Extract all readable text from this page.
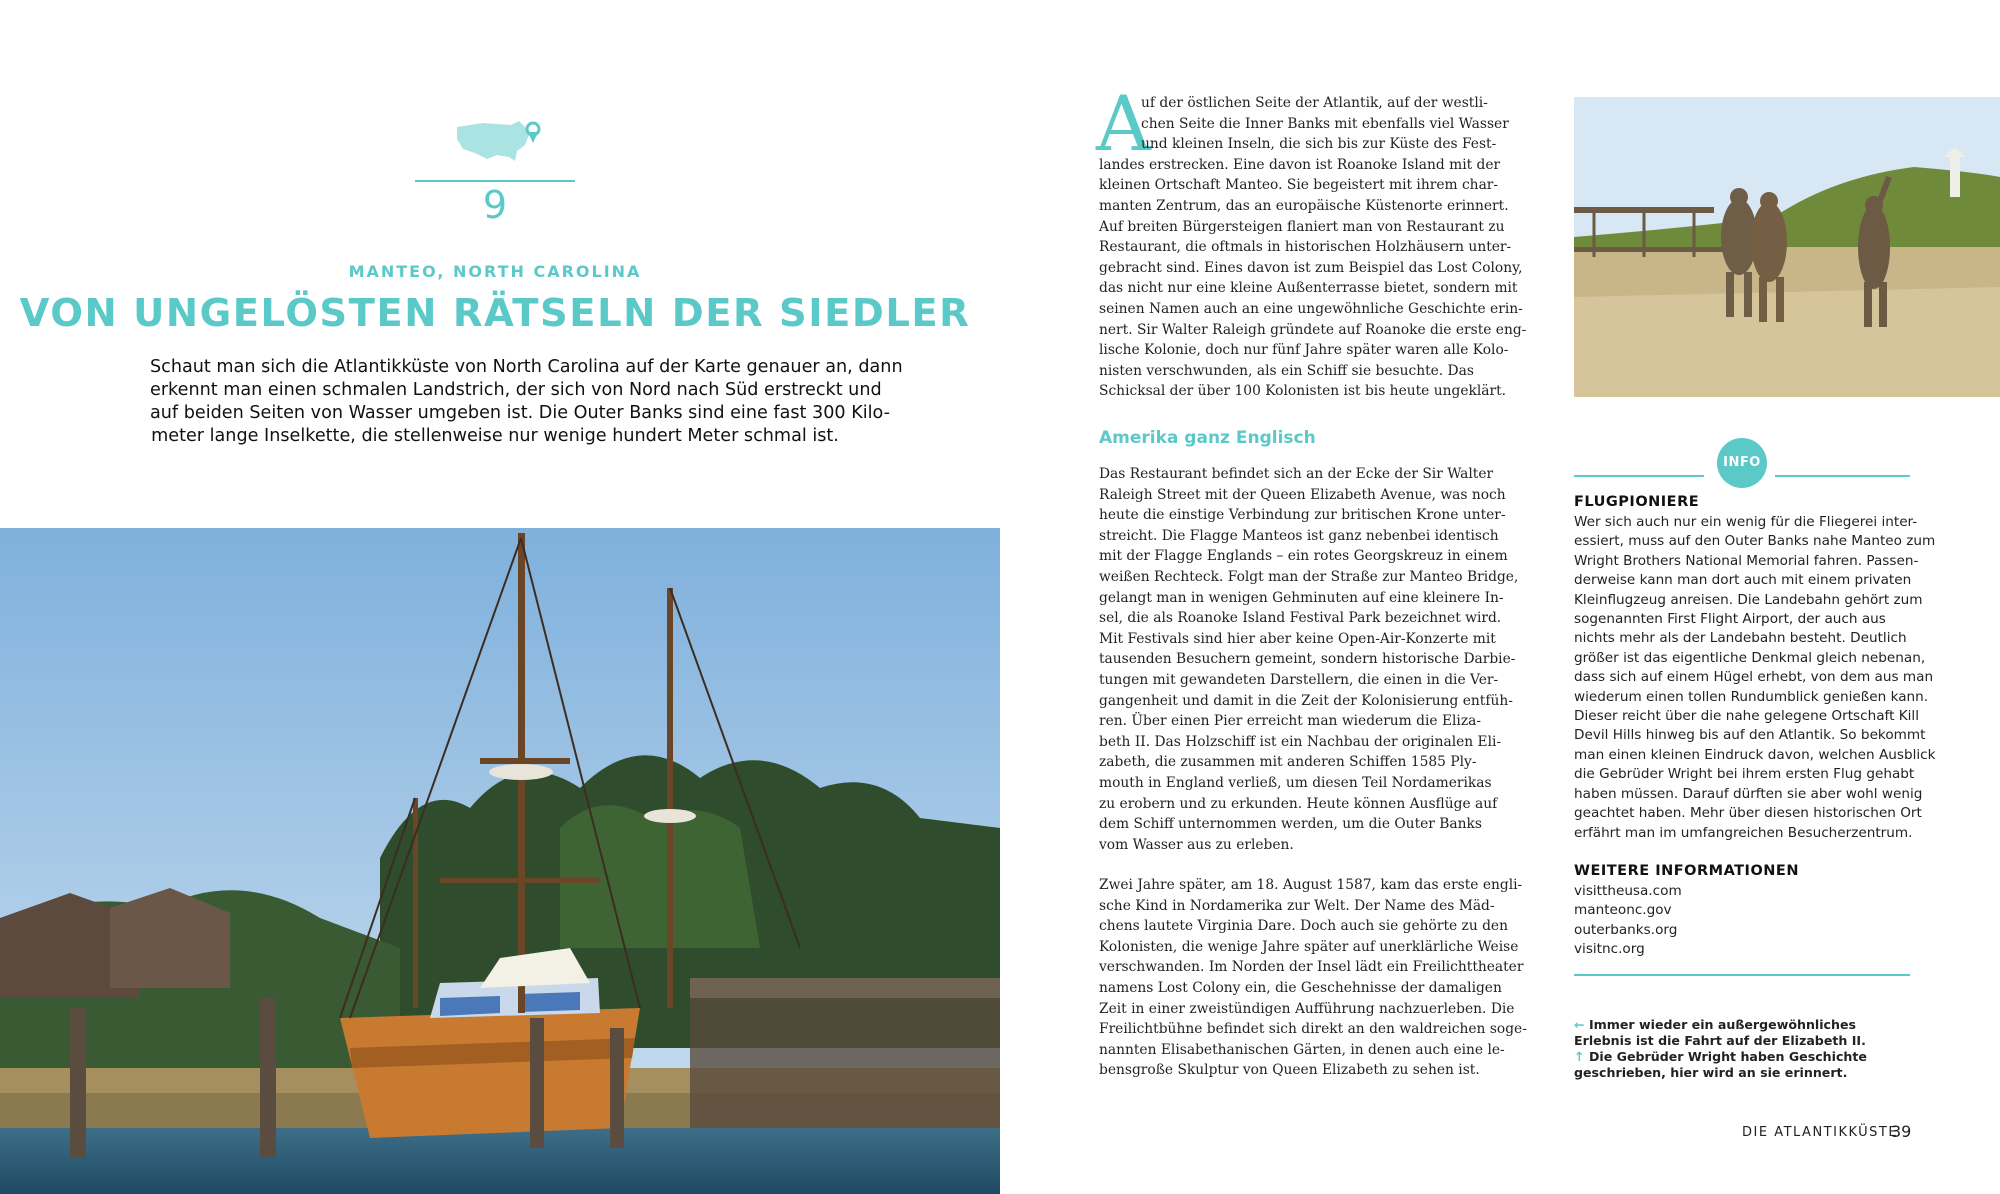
9
MANTEO, NORTH CAROLINA
VON UNGELÖSTEN RÄTSELN DER SIEDLER
Schaut man sich die Atlantikküste von North Carolina auf der Karte genauer an, dann
erkennt man einen schmalen Landstrich, der sich von Nord nach Süd erstreckt und
auf beiden Seiten von Wasser umgeben ist. Die Outer Banks sind eine fast 300 Kilo-
meter lange Inselkette, die stellenweise nur wenige hundert Meter schmal ist.
A
uf der östlichen Seite der Atlantik, auf der westli-
chen Seite die Inner Banks mit ebenfalls viel Wasser
und kleinen Inseln, die sich bis zur Küste des Fest-
landes erstrecken. Eine davon ist Roanoke Island mit der
kleinen Ortschaft Manteo. Sie begeistert mit ihrem char-
manten Zentrum, das an europäische Küstenorte erinnert.
Auf breiten Bürgersteigen flaniert man von Restaurant zu
Restaurant, die oftmals in historischen Holzhäusern unter-
gebracht sind. Eines davon ist zum Beispiel das Lost Colony,
das nicht nur eine kleine Außenterrasse bietet, sondern mit
seinen Namen auch an eine ungewöhnliche Geschichte erin-
nert. Sir Walter Raleigh gründete auf Roanoke die erste eng-
lische Kolonie, doch nur fünf Jahre später waren alle Kolo-
nisten verschwunden, als ein Schiff sie besuchte. Das
Schicksal der über 100 Kolonisten ist bis heute ungeklärt.
Amerika ganz Englisch
Das Restaurant befindet sich an der Ecke der Sir Walter
Raleigh Street mit der Queen Elizabeth Avenue, was noch
heute die einstige Verbindung zur britischen Krone unter-
streicht. Die Flagge Manteos ist ganz nebenbei identisch
mit der Flagge Englands – ein rotes Georgskreuz in einem
weißen Rechteck. Folgt man der Straße zur Manteo Bridge,
gelangt man in wenigen Gehminuten auf eine kleinere In-
sel, die als Roanoke Island Festival Park bezeichnet wird.
Mit Festivals sind hier aber keine Open-Air-Konzerte mit
tausenden Besuchern gemeint, sondern historische Darbie-
tungen mit gewandeten Darstellern, die einen in die Ver-
gangenheit und damit in die Zeit der Kolonisierung entfüh-
ren. Über einen Pier erreicht man wiederum die Eliza-
beth II. Das Holzschiff ist ein Nachbau der originalen Eli-
zabeth, die zusammen mit anderen Schiffen 1585 Ply-
mouth in England verließ, um diesen Teil Nordamerikas
zu erobern und zu erkunden. Heute können Ausflüge auf
dem Schiff unternommen werden, um die Outer Banks
vom Wasser aus zu erleben.
Zwei Jahre später, am 18. August 1587, kam das erste engli-
sche Kind in Nordamerika zur Welt. Der Name des Mäd-
chens lautete Virginia Dare. Doch auch sie gehörte zu den
Kolonisten, die wenige Jahre später auf unerklärliche Weise
verschwanden. Im Norden der Insel lädt ein Freilichttheater
namens Lost Colony ein, die Geschehnisse der damaligen
Zeit in einer zweistündigen Aufführung nachzuerleben. Die
Freilichtbühne befindet sich direkt an den waldreichen soge-
nannten Elisabethanischen Gärten, in denen auch eine le-
bensgroße Skulptur von Queen Elizabeth zu sehen ist.
INFO
FLUGPIONIERE
Wer sich auch nur ein wenig für die Fliegerei inter-
essiert, muss auf den Outer Banks nahe Manteo zum
Wright Brothers National Memorial fahren. Passen-
derweise kann man dort auch mit einem privaten
Kleinflugzeug anreisen. Die Landebahn gehört zum
sogenannten First Flight Airport, der auch aus
nichts mehr als der Landebahn besteht. Deutlich
größer ist das eigentliche Denkmal gleich nebenan,
dass sich auf einem Hügel erhebt, von dem aus man
wiederum einen tollen Rundumblick genießen kann.
Dieser reicht über die nahe gelegene Ortschaft Kill
Devil Hills hinweg bis auf den Atlantik. So bekommt
man einen kleinen Eindruck davon, welchen Ausblick
die Gebrüder Wright bei ihrem ersten Flug gehabt
haben müssen. Darauf dürften sie aber wohl wenig
geachtet haben. Mehr über diesen historischen Ort
erfährt man im umfangreichen Besucherzentrum.
WEITERE INFORMATIONEN
visittheusa.com
manteonc.gov
outerbanks.org
visitnc.org
← Immer wieder ein außergewöhnliches
Erlebnis ist die Fahrt auf der Elizabeth II.
↑ Die Gebrüder Wright haben Geschichte
geschrieben, hier wird an sie erinnert.
DIE ATLANTIKKÜSTE
39
